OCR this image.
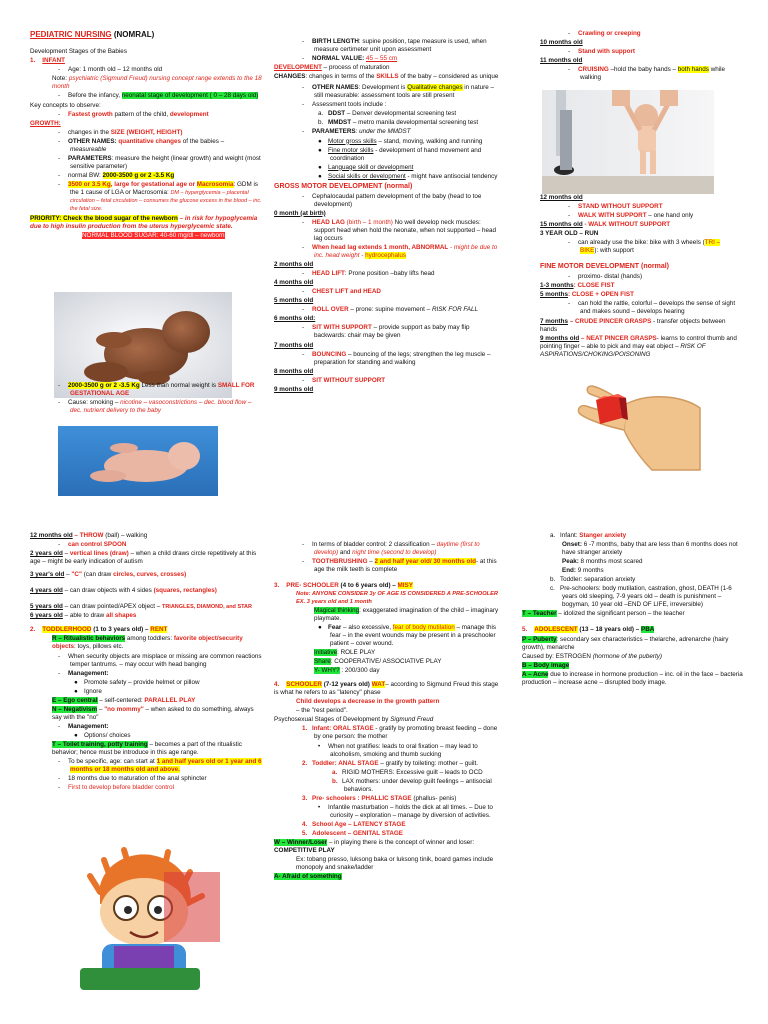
PEDIATRIC NURSING (NOMRAL)
Development Stages of the Babies
1. INFANT
- Age: 1 month old – 12 months old
Note: psychiatric (Sigmund Freud) nursing concept range extends to the 18 month
- Before the infancy, neonatal stage of development ( 0 – 28 days old)
Key concepts to observe:
- Fastest growth pattern of the child, development
GROWTH:
- changes in the SIZE (WEIGHT, HEIGHT)
- OTHER NAMES: quantitative changes of the babies – measureable
- PARAMETERS: measure the height (linear growth) and weight (most sensitive parameter)
- normal BW: 2000-3500 g or 2 -3.5 Kg
- 3500 or 3.5 Kg, large for gestational age or Macrosomia: GDM is the 1 cause of LGA or Macrosomia: DM – hyperglycemia – placental circulation – fetal circulation – consumes the glucose excess in the blood – inc. the fetal size.
PRIORITY: Check the blood sugar of the newborn – in risk for hypoglycemia due to high insulin production from the uterus hyperglycemic state.
NORMAL BLOOD SUGAR: 40-60 mg/dl – newborn
- 2000-3500 g or 2 -3.5 Kg Less than normal weight is SMALL FOR GESTATIONAL AGE
- Cause: smoking – nicotine – vasoconstrictions – dec. blood flow – dec. nutrient delivery to the baby
- BIRTH LENGTH: supine position, tape measure is used, when measure certimeter unit upon assessment
- NORMAL VALUE: 45 – 55 cm
DEVELOPMENT – process of maturation
CHANGES: changes in terms of the SKILLS of the baby – considered as unique
- OTHER NAMES: Development is Qualitative changes in nature – still measurable: assessment tools are still present
- Assessment tools include :
a. DDST – Denver developmental screening test
b. MMDST – metro manila developmental screening test
- PARAMETERS: under the MMDST
● Motor gross skills – stand, moving, walking and running
● Fine motor skills - development of hand movement and coordination
● Language skill or development
● Social skills or development - might have antisocial tendency
GROSS MOTOR DEVELOPMENT (normal)
- Cephalocaudal pattern development of the baby (head to toe development)
0 month (at birth)
- HEAD LAG (birth – 1 month) No well develop neck muscles: support head when hold the neonate, when not supported – head lag occurs
- When head lag extends 1 month, ABNORMAL - might be due to inc. head weight - hydrocephalus
2 months old
- HEAD LIFT: Prone position –baby lifts head
4 months old
- CHEST LIFT and HEAD
5 months old
- ROLL OVER – prone: supine movement – RISK FOR FALL
6 months old:
- SIT WITH SUPPORT – provide support as baby may flip backwards: chair may be given
7 months old
- BOUNCING – bouncing of the legs; strengthen the leg muscle – preparation for standing and walking
8 months old
- SIT WITHOUT SUPPORT
9 months old
- Crawling or creeping
10 months old
- Stand with support
11 months old
- CRUISING –hold the baby hands – both hands while walking
12 months old
- STAND WITHOUT SUPPORT
- WALK WITH SUPPORT – one hand only
15 months old - WALK WITHOUT SUPPORT
3 YEAR OLD – RUN
- can already use the bike: bike with 3 wheels (TRI – BIKE): with support
FINE MOTOR DEVELOPMENT (normal)
- proximo- distal (hands)
1-3 months: CLOSE FIST
5 months: CLOSE + OPEN FIST
- can hold the rattle, colorful – develops the sense of sight and makes sound – develops hearing
7 months – CRUDE PINCER GRASPS - transfer objects between hands
9 months old – NEAT PINCER GRASPS- learns to control thumb and pointing finger – able to pick and may eat object – RISK OF ASPIRATIONS/CHOKING/POISONING
12 months old – THROW (ball) – walking
- can control SPOON
2 years old – vertical lines (draw) – when a child draws circle repetitively at this age – might be early indication of autism
3 year's old – "C" (can draw circles, curves, crosses)
4 years old – can draw objects with 4 sides (squares, rectangles)
5 years old – can draw pointed/APEX object – TRIANGLES, DIAMOND, and STAR
6 years old – able to draw all shapes
2. TODDLERHOOD (1 to 3 years old) – RENT
R – Ritualistic behaviors among toddlers: favorite object/security objects: toys, pillows etc.
- When security objects are misplace or missing are common reactions temper tantrums. – may occur with head banging
- Management:
● Promote safety – provide helmet or pillow
● Ignore
E – Ego central – self-centered: PARALLEL PLAY
N – Negativism – "no mommy" – when asked to do something, always say with the "no"
- Management:
● Options/ choices
T – Toilet training, potty training – becomes a part of the ritualistic behavior; hence must be introduce in this age range.
- To be specific, age: can start at 1 and half years old or 1 year and 6 months or 18 months old and above.
- 18 months due to maturation of the anal sphincter
- First to develop before bladder control
- In terms of bladder control: 2 classification – daytime (first to develop) and night time (second to develop)
- TOOTHBRUSHING – 2 and half year old/ 30 months old- at this age the milk teeth is complete
3. PRE- SCHOOLER (4 to 6 years old) – MISY
Note: ANYONE CONSIDER 3y OF AGE IS CONSIDERED A PRE-SCHOOLER EX. 3 years old and 1 month
Magical thinking: exaggerated imagination of the child – imaginary playmate.
● Fear – also excessive, fear of body mutilation – manage this fear – in the event wounds may be present in a preschooler patient – cover wound.
Initiative: ROLE PLAY
Share: COOPERATIVE/ ASSOCIATIVE PLAY
Y- WHY? : 200/300 day
4. SCHOOLER (7-12 years old) WAT– according to Sigmund Freud this stage is what he refers to as "latency" phase
Child develops a decrease in the growth pattern
– the "rest period".
Psychosexual Stages of Development by Sigmund Freud
1. Infant: ORAL STAGE - gratify by promoting breast feeding – done by one person: the mother
• When not gratifies: leads to oral fixation – may lead to alcoholism, smoking and thumb sucking
2. Toddler: ANAL STAGE – gratify by toileting: mother – guilt.
a. RIGID MOTHERS: Excessive guilt – leads to OCD
b. LAX mothers: under develop guilt feelings – antisocial behaviors.
3. Pre- schoolers : PHALLIC STAGE (phallus- penis)
• Infantile masturbation – holds the dick at all times. – Due to curiosity – exploration – manage by diversion of activities.
4. School Age – LATENCY STAGE
5. Adolescent – GENITAL STAGE
W – Winner/Loser – in playing there is the concept of winner and loser: COMPETITIVE PLAY
Ex: tobang presso, luksong baka or luksong tinik, board games include monopoly and snake/ladder
A- Afraid of something
a. Infant: Stanger anxiety
Onset: 6 -7 months, baby that are less than 6 months does not have stranger anxiety
Peak: 8 months most scared
End: 9 months
b. Toddler: separation anxiety
c. Pre-schoolers: body mutilation, castration, ghost, DEATH (1-6 years old sleeping, 7-9 years old – death is punishment – bogyman, 10 year old –END OF LIFE, irreversible)
T – Teacher – idolized the significant person – the teacher
5. ADOLESCENT (13 – 18 years old) – PBA
P – Puberty: secondary sex characteristics – thelarche, adrenarche (hairy growth), menarche
Caused by: ESTROGEN (hormone of the puberty)
B – Body image
A – Acne due to increase in hormone production – inc. oil in the face – bacteria production – increase acne – disrupted body image.
